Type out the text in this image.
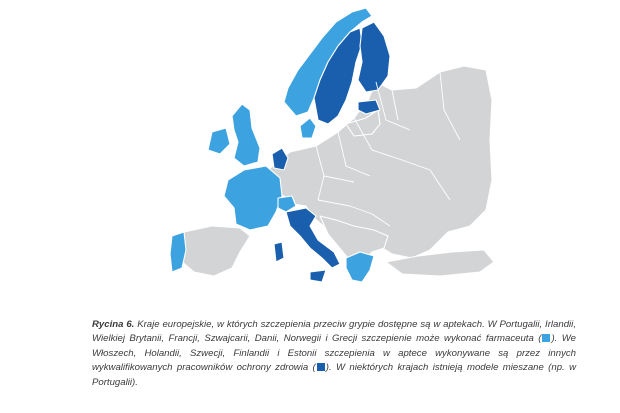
Rycina 6. Kraje europejskie, w których szczepienia przeciw grypie dostępne są w aptekach. W Portugalii, Irlandii, Wielkiej Brytanii, Francji, Szwajcarii, Danii, Norwegii i Grecji szczepienie może wykonać farmaceuta ( ). We Włoszech, Holandii, Szwecji, Finlandii i Estonii szczepienia w aptece wykonywane są przez innych wykwalifikowanych pracowników ochrony zdrowia ( ). W niektórych krajach istnieją modele mieszane (np. w Portugalii).
